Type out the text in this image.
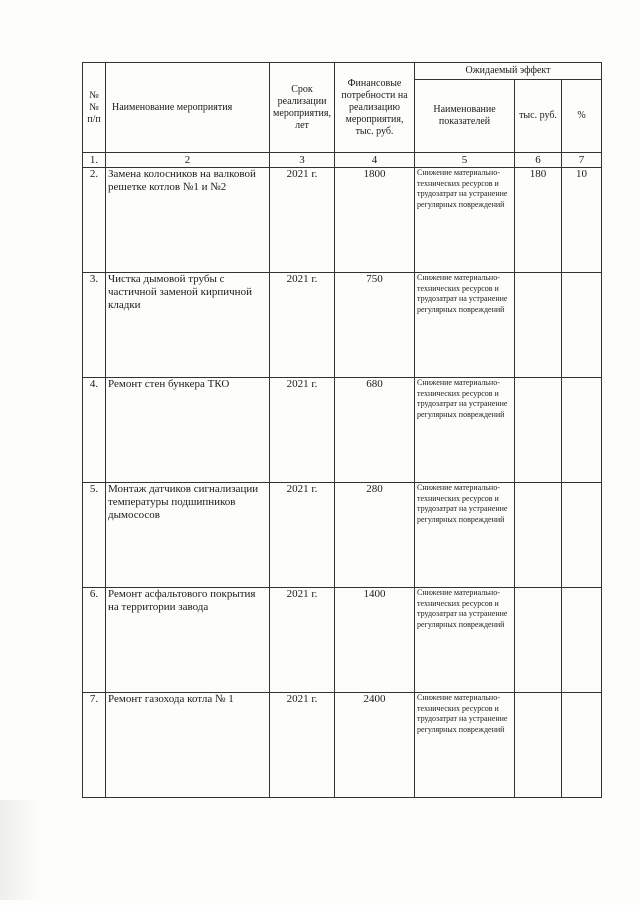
№№ п/п	Наименование мероприятия	Срок реализации мероприятия, лет	Финансовые потребности на реализацию мероприятия, тыс. руб.	Ожидаемый эффект		
				Наименование показателей	тыс. руб.	%
1.	2	3	4	5	6	7
2.	Замена колосников на валковой решетке котлов №1 и №2	2021 г.	1800	Снижение материально-технических ресурсов и трудозатрат на устранение регулярных повреждений	180	10
3.	Чистка дымовой трубы с частичной заменой кирпичной кладки	2021 г.	750	Снижение материально-технических ресурсов и трудозатрат на устранение регулярных повреждений		
4.	Ремонт стен бункера ТКО	2021 г.	680	Снижение материально-технических ресурсов и трудозатрат на устранение регулярных повреждений		
5.	Монтаж датчиков сигнализации температуры подшипников дымососов	2021 г.	280	Снижение материально-технических ресурсов и трудозатрат на устранение регулярных повреждений		
6.	Ремонт асфальтового покрытия на территории завода	2021 г.	1400	Снижение материально-технических ресурсов и трудозатрат на устранение регулярных повреждений		
7.	Ремонт газохода котла № 1	2021 г.	2400	Снижение материально-технических ресурсов и трудозатрат на устранение регулярных повреждений		
